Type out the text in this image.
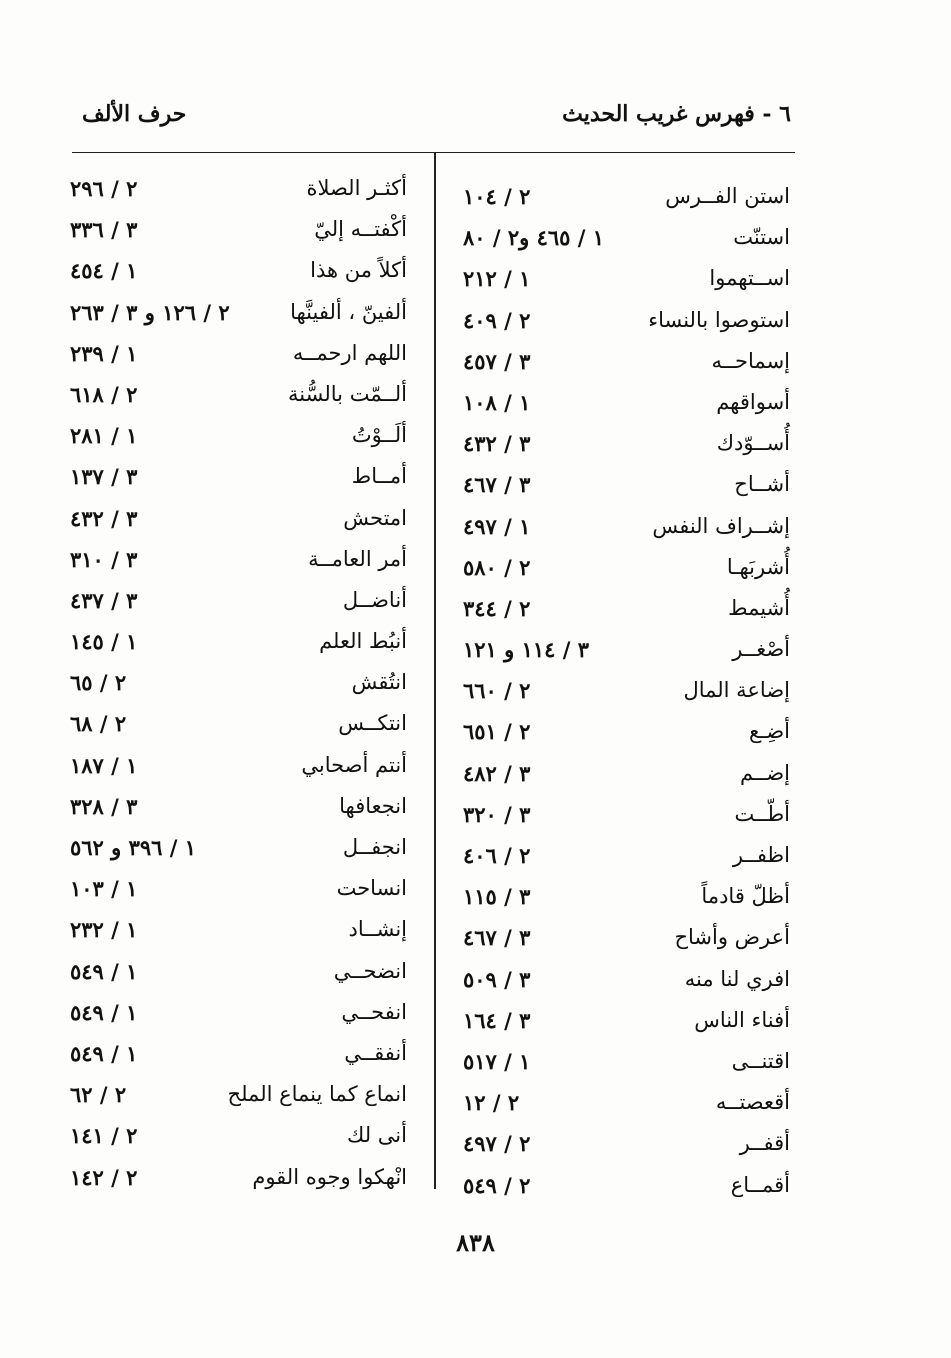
٦ - فهرس غريب الحديث
حرف الألف
استن الفــرس
٢ / ١٠٤
استنّت
١ / ٤٦٥ و٢ / ٨٠
اســتهموا
١ / ٢١٢
استوصوا بالنساء
٢ / ٤٠٩
إسماحــه
٣ / ٤٥٧
أسواقهم
١ / ١٠٨
أُســوّدك
٣ / ٤٣٢
أشــاح
٣ / ٤٦٧
إشــراف النفس
١ / ٤٩٧
أُشربَهـا
٢ / ٥٨٠
أُشيمط
٢ / ٣٤٤
أصْغــر
٣ / ١١٤ و ١٢١
إضاعة المال
٢ / ٦٦٠
أضِـع
٢ / ٦٥١
إضــم
٣ / ٤٨٢
أطّــت
٣ / ٣٢٠
اظفــر
٢ / ٤٠٦
أظلّ قادماً
٣ / ١١٥
أعرض وأشاح
٣ / ٤٦٧
افري لنا منه
٣ / ٥٠٩
أفناء الناس
٣ / ١٦٤
اقتنــى
١ / ٥١٧
أقعصتــه
٢ / ١٢
أقفــر
٢ / ٤٩٧
أقمــاع
٢ / ٥٤٩
أكثـر الصلاة
٢ / ٢٩٦
أكْفتــه إليّ
٣ / ٣٣٦
أكلاً من هذا
١ / ٤٥٤
ألفينّ ، ألفينَّها
٢ / ١٢٦ و ٣ / ٢٦٣
اللهم ارحمــه
١ / ٢٣٩
ألــمّت بالسُّنة
٢ / ٦١٨
ألَــوْتُ
١ / ٢٨١
أمــاط
٣ / ١٣٧
امتحش
٣ / ٤٣٢
أمر العامــة
٣ / ٣١٠
أناضــل
٣ / ٤٣٧
أنبُط العلم
١ / ١٤٥
انتُقش
٢ / ٦٥
انتكــس
٢ / ٦٨
أنتم أصحابي
١ / ١٨٧
انجعافها
٣ / ٣٢٨
انجفــل
١ / ٣٩٦ و ٥٦٢
انساحت
١ / ١٠٣
إنشــاد
١ / ٢٣٢
انضحــي
١ / ٥٤٩
انفحــي
١ / ٥٤٩
أنفقــي
١ / ٥٤٩
انماع كما ينماع الملح
٢ / ٦٢
أنى لك
٢ / ١٤١
انْهكوا وجوه القوم
٢ / ١٤٢
٨٣٨
